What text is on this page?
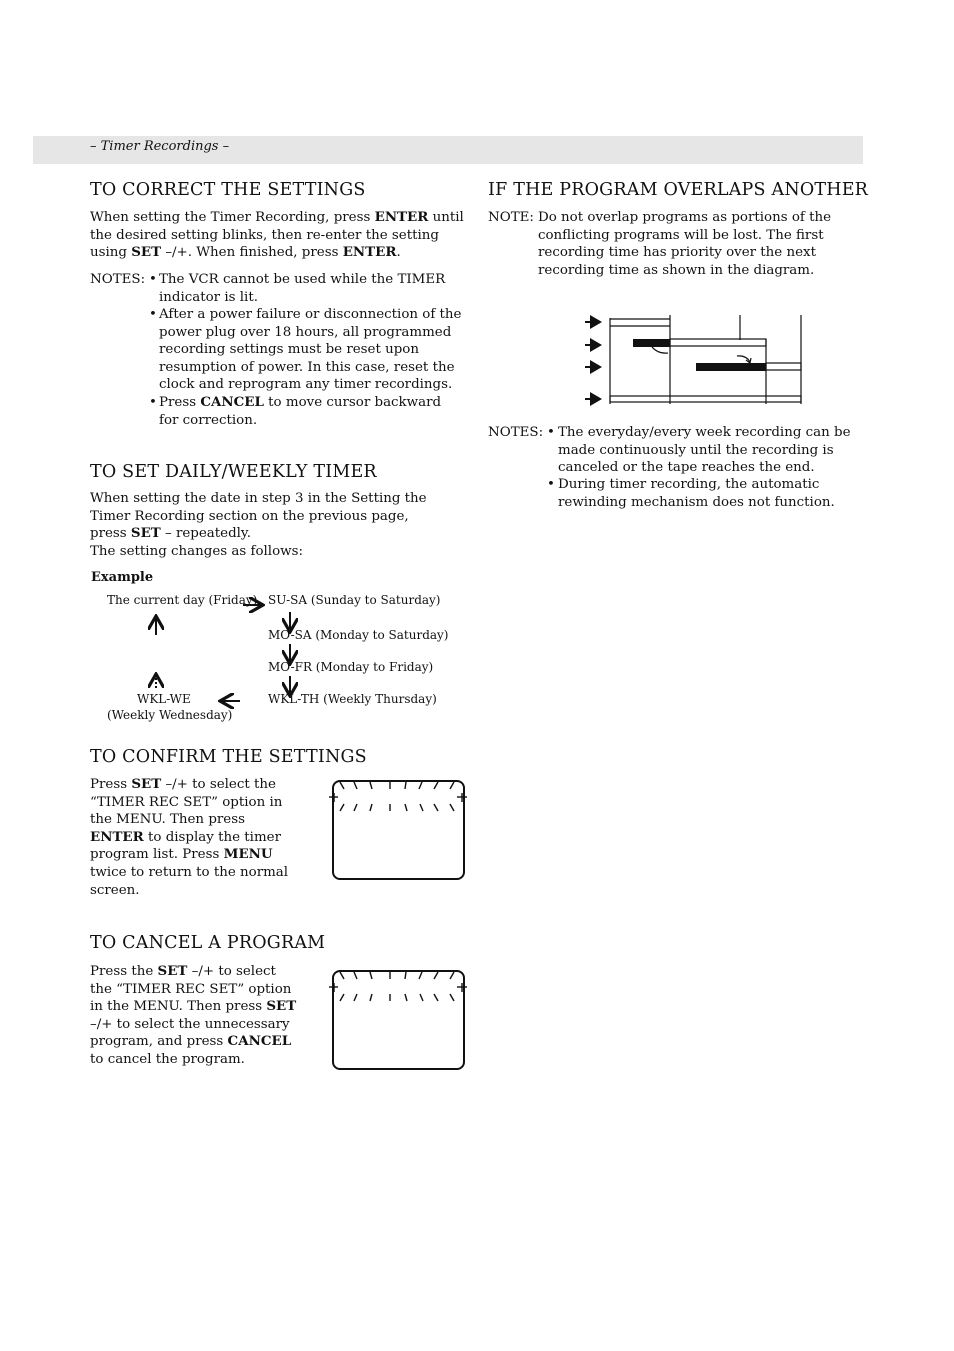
– Timer Recordings –
TO CORRECT THE SETTINGS

When setting the Timer Recording, press ENTER until the desired setting blinks, then re-enter the setting using SET –/+. When finished, press ENTER.

NOTES: • The VCR cannot be used while the TIMER indicator is lit.
• After a power failure or disconnection of the power plug over 18 hours, all programmed recording settings must be reset upon resumption of power. In this case, reset the clock and reprogram any timer recordings.
• Press CANCEL to move cursor backward for correction.
TO SET DAILY/WEEKLY TIMER

When setting the date in step 3 in the Setting the Timer Recording section on the previous page, press SET – repeatedly.
The setting changes as follows:

Example
The current day (Friday) SU-SA (Sunday to Saturday)
MO-SA (Monday to Saturday)
MO-FR (Monday to Friday)
WKL-TH (Weekly Thursday)
WKL-WE
(Weekly Wednesday)
TO CONFIRM THE SETTINGS

Press SET –/+ to select the “TIMER REC SET” option in the MENU. Then press ENTER to display the timer program list. Press MENU twice to return to the normal screen.

TO CANCEL A PROGRAM

Press the SET –/+ to select the “TIMER REC SET” option in the MENU. Then press SET –/+ to select the unnecessary program, and press CANCEL to cancel the program.

IF THE PROGRAM OVERLAPS ANOTHER
NOTE: Do not overlap programs as portions of the conflicting programs will be lost. The first recording time has priority over the next recording time as shown in the diagram.
NOTES: • The everyday/every week recording can be made continuously until the recording is canceled or the tape reaches the end.
• During timer recording, the automatic rewinding mechanism does not function.
